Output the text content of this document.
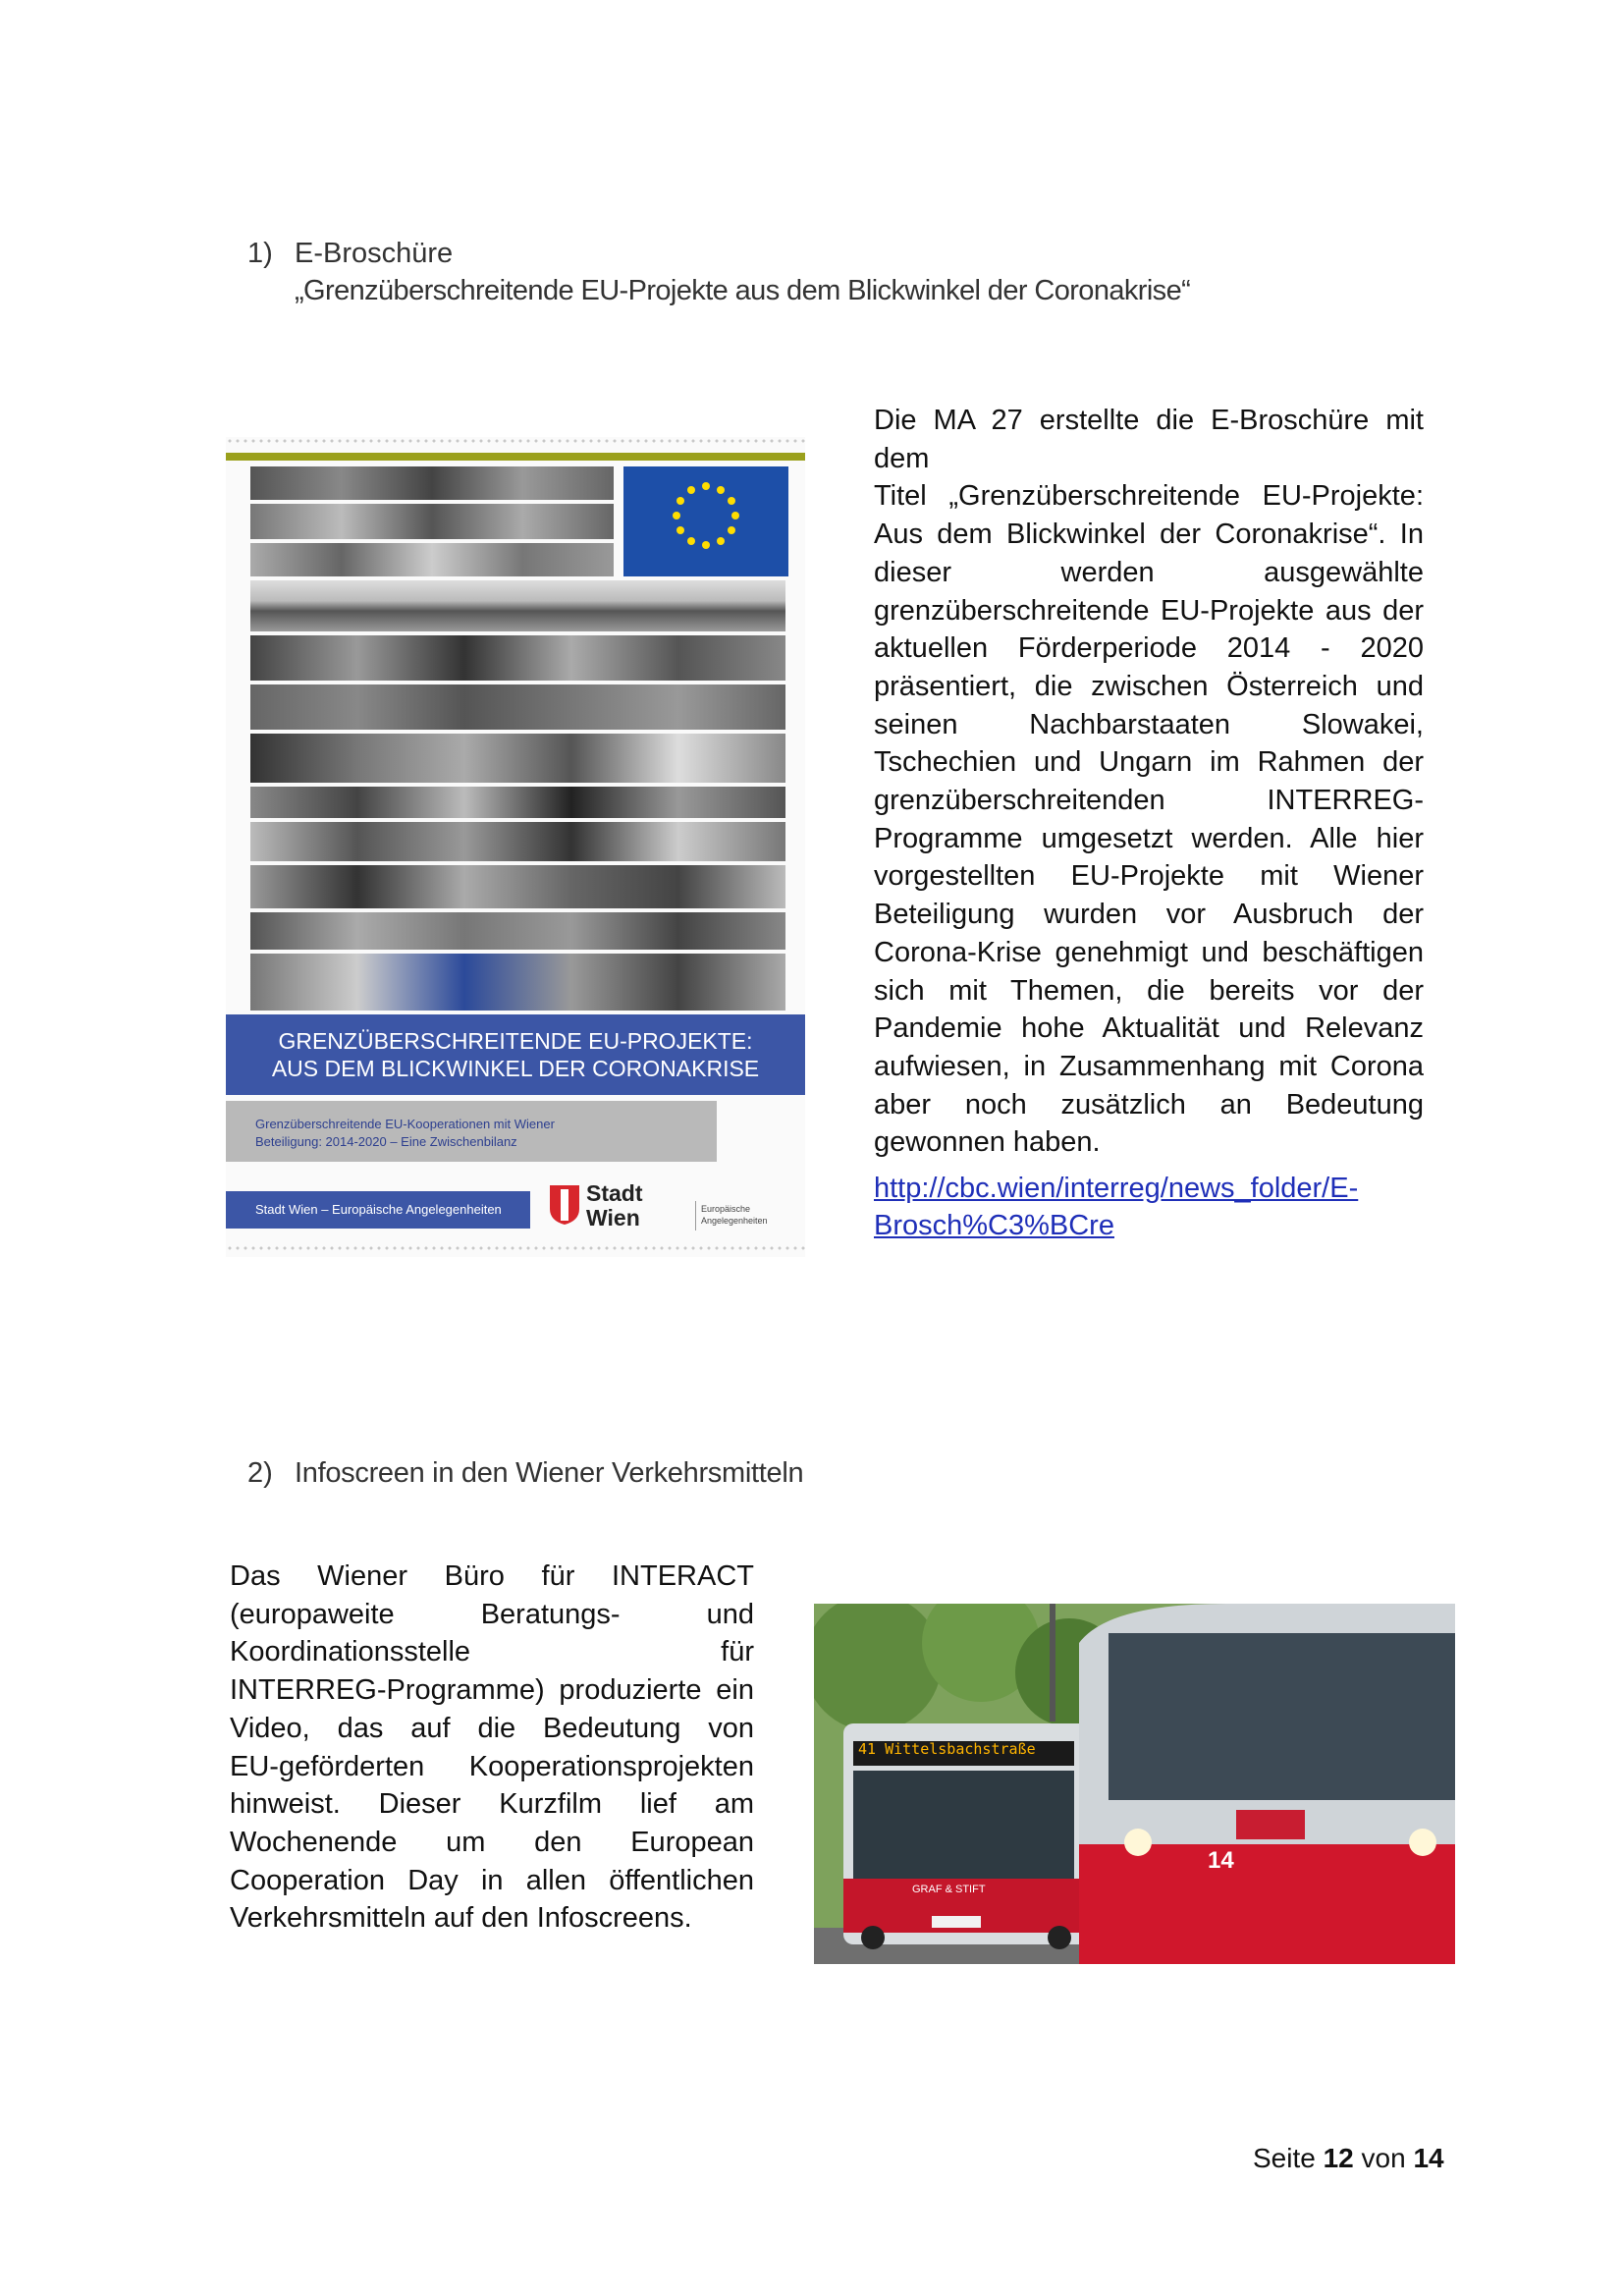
1) E-Broschüre
„Grenzüberschreitende EU-Projekte aus dem Blickwinkel der Coronakrise“
GRENZÜBERSCHREITENDE EU-PROJEKTE:
AUS DEM BLICKWINKEL DER CORONAKRISE
Grenzüberschreitende EU-Kooperationen mit Wiener
Beteiligung: 2014-2020 – Eine Zwischenbilanz
Stadt Wien – Europäische Angelegenheiten
Stadt
Wien	Europäische
Angelegenheiten
Die MA 27 erstellte die E-Broschüre mit dem
Titel „Grenzüberschreitende EU-Projekte:
Aus dem Blickwinkel der Coronakrise“. In
dieser werden ausgewählte
grenzüberschreitende EU-Projekte aus der
aktuellen Förderperiode 2014 - 2020
präsentiert, die zwischen Österreich und
seinen Nachbarstaaten Slowakei,
Tschechien und Ungarn im Rahmen der
grenzüberschreitenden INTERREG-
Programme umgesetzt werden. Alle hier
vorgestellten EU-Projekte mit Wiener
Beteiligung wurden vor Ausbruch der
Corona-Krise genehmigt und beschäftigen
sich mit Themen, die bereits vor der
Pandemie hohe Aktualität und Relevanz
aufwiesen, in Zusammenhang mit Corona
aber noch zusätzlich an Bedeutung
gewonnen haben.
http://cbc.wien/interreg/news_folder/E-
Brosch%C3%BCre
2) Infoscreen in den Wiener Verkehrsmitteln
Das Wiener Büro für INTERACT
(europaweite Beratungs- und
Koordinationsstelle für
INTERREG-Programme) produzierte ein
Video, das auf die Bedeutung von
EU-geförderten Kooperationsprojekten
hinweist. Dieser Kurzfilm lief am
Wochenende um den European
Cooperation Day in allen öffentlichen
Verkehrsmitteln auf den Infoscreens.
41 Wittelsbachstraße
GRAF & STIFT
14
Seite 12 von 14
